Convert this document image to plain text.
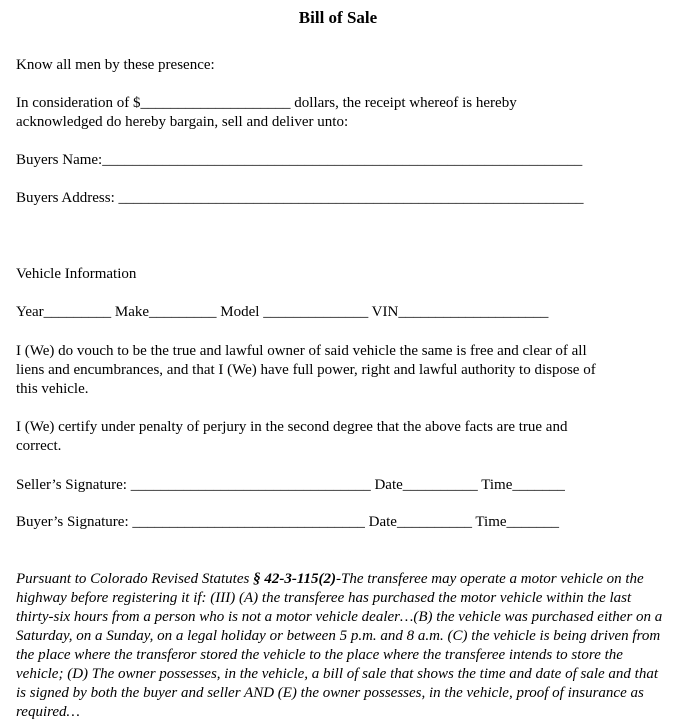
Bill of Sale
Know all men by these presence:
In consideration of $____________________ dollars, the receipt whereof is hereby
acknowledged do hereby bargain, sell and deliver unto:
Buyers Name:________________________________________________________________
Buyers Address: ______________________________________________________________
Vehicle Information
Year_________ Make_________ Model ______________ VIN____________________
I (We) do vouch to be the true and lawful owner of said vehicle the same is free and clear of all
liens and encumbrances, and that I (We) have full power, right and lawful authority to dispose of
this vehicle.
I (We) certify under penalty of perjury in the second degree that the above facts are true and
correct.
Seller’s Signature: ________________________________ Date__________ Time_______
Buyer’s Signature: _______________________________ Date__________ Time_______
Pursuant to Colorado Revised Statutes § 42-3-115(2)-The transferee may operate a motor vehicle on the highway before registering it if: (III) (A) the transferee has purchased the motor vehicle within the last thirty-six hours from a person who is not a motor vehicle dealer…(B) the vehicle was purchased either on a Saturday, on a Sunday, on a legal holiday or between 5 p.m. and 8 a.m. (C) the vehicle is being driven from the place where the transferor stored the vehicle to the place where the transferee intends to store the vehicle; (D) The owner possesses, in the vehicle, a bill of sale that shows the time and date of sale and that is signed by both the buyer and seller AND (E) the owner possesses, in the vehicle, proof of insurance as required…
